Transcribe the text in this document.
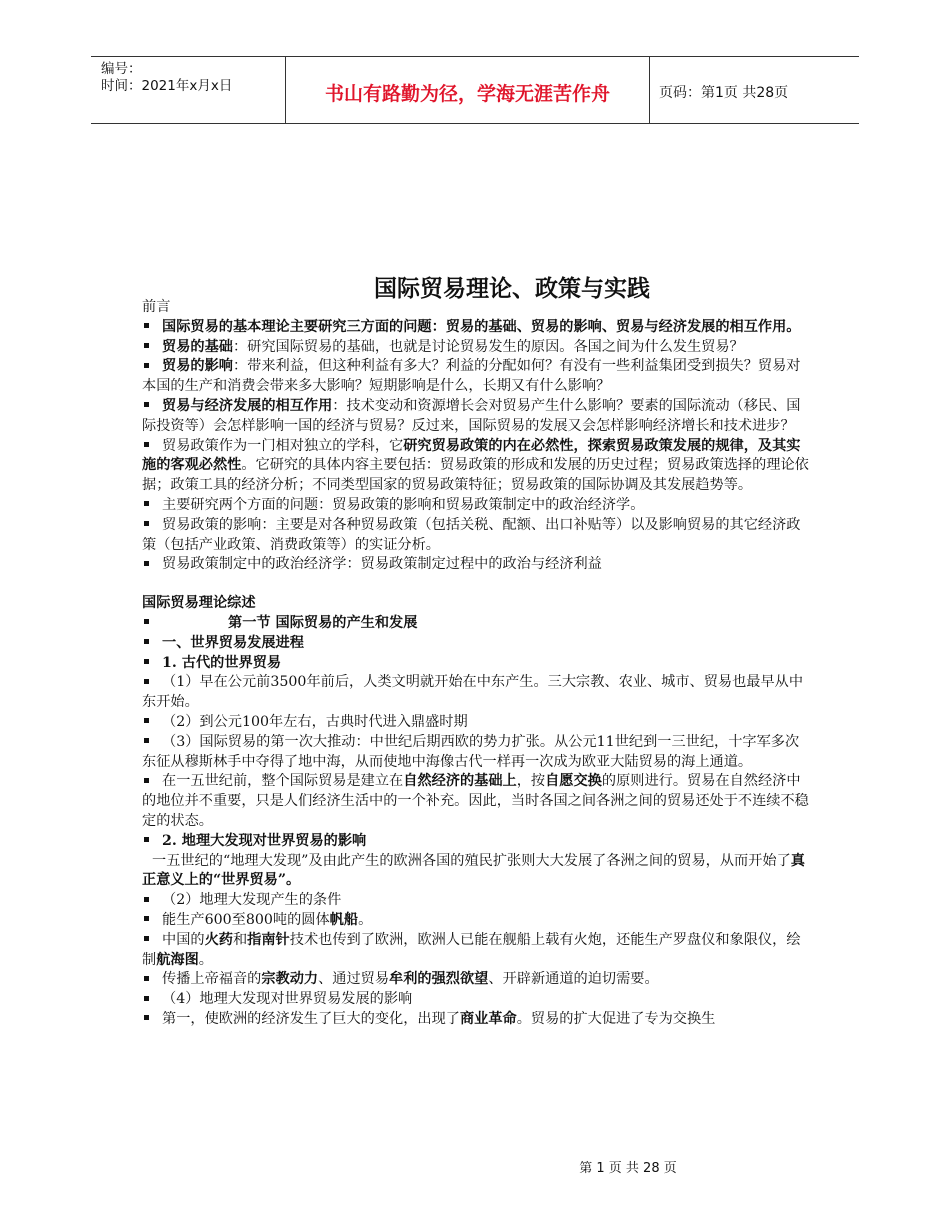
编号：
时间：2021年x月x日	书山有路勤为径，学海无涯苦作舟	页码：第1页 共28页
国际贸易理论、政策与实践

前言

国际贸易的基本理论主要研究三方面的问题：贸易的基础、贸易的影响、贸易与经济发展的相互作用。

贸易的基础：研究国际贸易的基础，也就是讨论贸易发生的原因。各国之间为什么发生贸易？

贸易的影响：带来利益，但这种利益有多大？利益的分配如何？有没有一些利益集团受到损失？贸易对本国的生产和消费会带来多大影响？短期影响是什么，长期又有什么影响？

贸易与经济发展的相互作用：技术变动和资源增长会对贸易产生什么影响？要素的国际流动（移民、国际投资等）会怎样影响一国的经济与贸易？反过来，国际贸易的发展又会怎样影响经济增长和技术进步？

贸易政策作为一门相对独立的学科，它研究贸易政策的内在必然性，探索贸易政策发展的规律，及其实施的客观必然性。它研究的具体内容主要包括：贸易政策的形成和发展的历史过程；贸易政策选择的理论依据；政策工具的经济分析；不同类型国家的贸易政策特征；贸易政策的国际协调及其发展趋势等。

主要研究两个方面的问题：贸易政策的影响和贸易政策制定中的政治经济学。

贸易政策的影响：主要是对各种贸易政策（包括关税、配额、出口补贴等）以及影响贸易的其它经济政策（包括产业政策、消费政策等）的实证分析。

贸易政策制定中的政治经济学：贸易政策制定过程中的政治与经济利益

国际贸易理论综述

第一节 国际贸易的产生和发展

一、世界贸易发展进程

1. 古代的世界贸易

（1）早在公元前3500年前后，人类文明就开始在中东产生。三大宗教、农业、城市、贸易也最早从中东开始。

（2）到公元100年左右，古典时代进入鼎盛时期

（3）国际贸易的第一次大推动：中世纪后期西欧的势力扩张。从公元11世纪到一三世纪，十字军多次东征从穆斯林手中夺得了地中海，从而使地中海像古代一样再一次成为欧亚大陆贸易的海上通道。

在一五世纪前，整个国际贸易是建立在自然经济的基础上，按自愿交换的原则进行。贸易在自然经济中的地位并不重要，只是人们经济生活中的一个补充。因此，当时各国之间各洲之间的贸易还处于不连续不稳定的状态。

2. 地理大发现对世界贸易的影响

一五世纪的“地理大发现”及由此产生的欧洲各国的殖民扩张则大大发展了各洲之间的贸易，从而开始了真正意义上的“世界贸易”。

（2）地理大发现产生的条件

能生产600至800吨的圆体帆船。

中国的火药和指南针技术也传到了欧洲，欧洲人已能在舰船上载有火炮，还能生产罗盘仪和象限仪，绘制航海图。

传播上帝福音的宗教动力、通过贸易牟利的强烈欲望、开辟新通道的迫切需要。

（4）地理大发现对世界贸易发展的影响

第一，使欧洲的经济发生了巨大的变化，出现了商业革命。贸易的扩大促进了专为交换生

第 1 页 共 28 页
